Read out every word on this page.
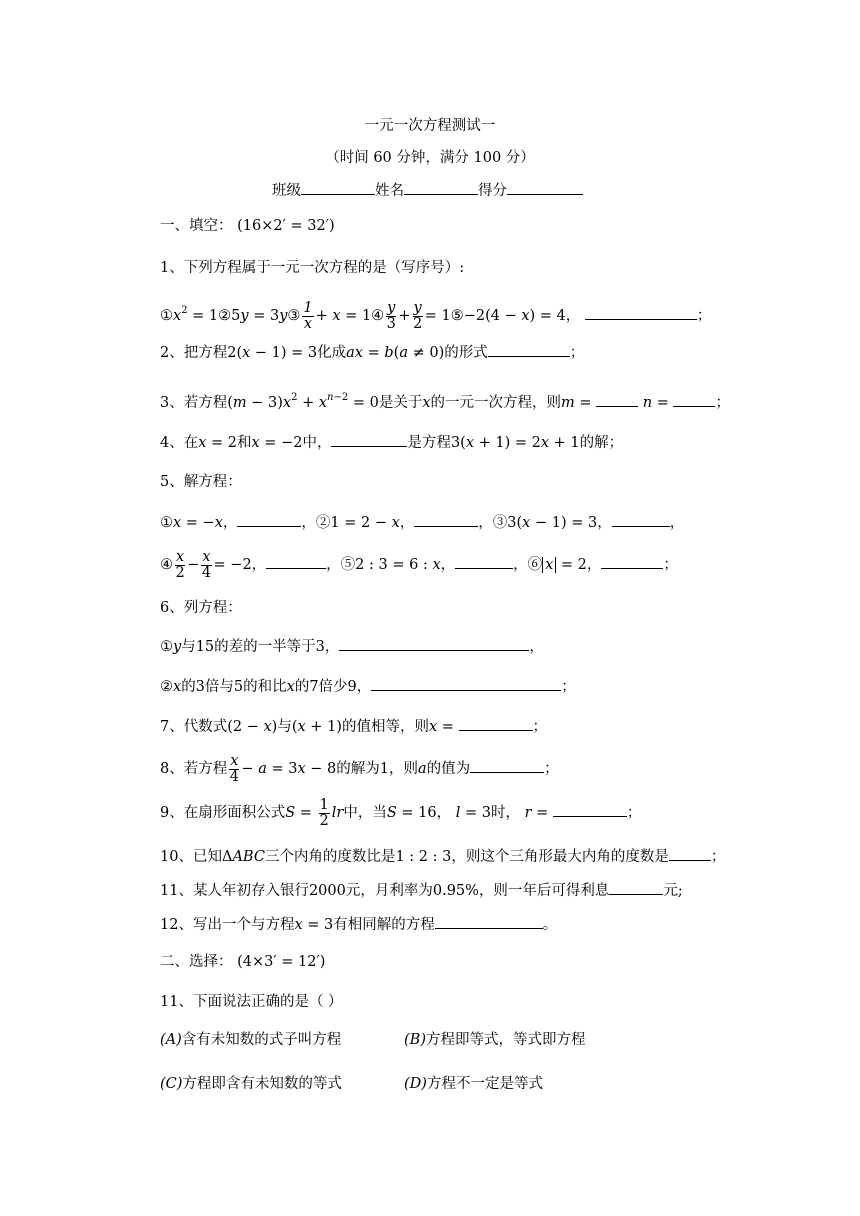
一元一次方程测试一
（时间 60 分钟，满分 100 分）
班级	姓名	得分
一、填空： (16×2′ = 32′)
1、下列方程属于一元一次方程的是（写序号）:
$①x^2$ = 1②5y = 3y③ $\frac{1}{x} + x$ = 1④ $\frac{y}{3} + \frac{y}{2}$ = 1⑤−2(4 − x) = 4，	；
2、把方程2(x − 1) = 3化成ax = b(a ≠ 0)的形式	；
3、若方程$(m - 3)x^2 + x^{n-2} = 0$是关于x的一元一次方程，则m =	n =	；
4、在x = 2和x = −2中，	是方程3(x + 1) = 2x + 1的解；
5、解方程：
①x = −x，	，②1 = 2 − x，	，③3(x − 1) = 3，	，
④ $\frac{x}{2} - \frac{x}{4} = -2$，	，⑤2 : 3 = 6 : x，	，⑥ x = 2，	；
6、列方程：
①y与15的差的一半等于3，	，
②x的3倍与5的和比x的7倍少9，	；
7、代数式(2 − x)与(x + 1)的值相等，则x =	；
8、若方程 $\frac{x}{4} - a = 3x - 8$的解为1，则a的值为	；
9、在扇形面积公式$S = \frac{1}{2}$ lr中，当S = 16， l = 3时， r =	；
10、已知ΔABC三个内角的度数比是1 : 2 : 3，则这个三角形最大内角的度数是	；
11、某人年初存入银行2000元，月利率为0.95%，则一年后可得利息	元;
12、写出一个与方程x = 3有相同解的方程	。
二、选择： (4×3′ = 12′)
11、下面说法正确的是（ ）
(A)含有未知数的式子叫方程	(B)方程即等式，等式即方程
(C)方程即含有未知数的等式	(D)方程不一定是等式
